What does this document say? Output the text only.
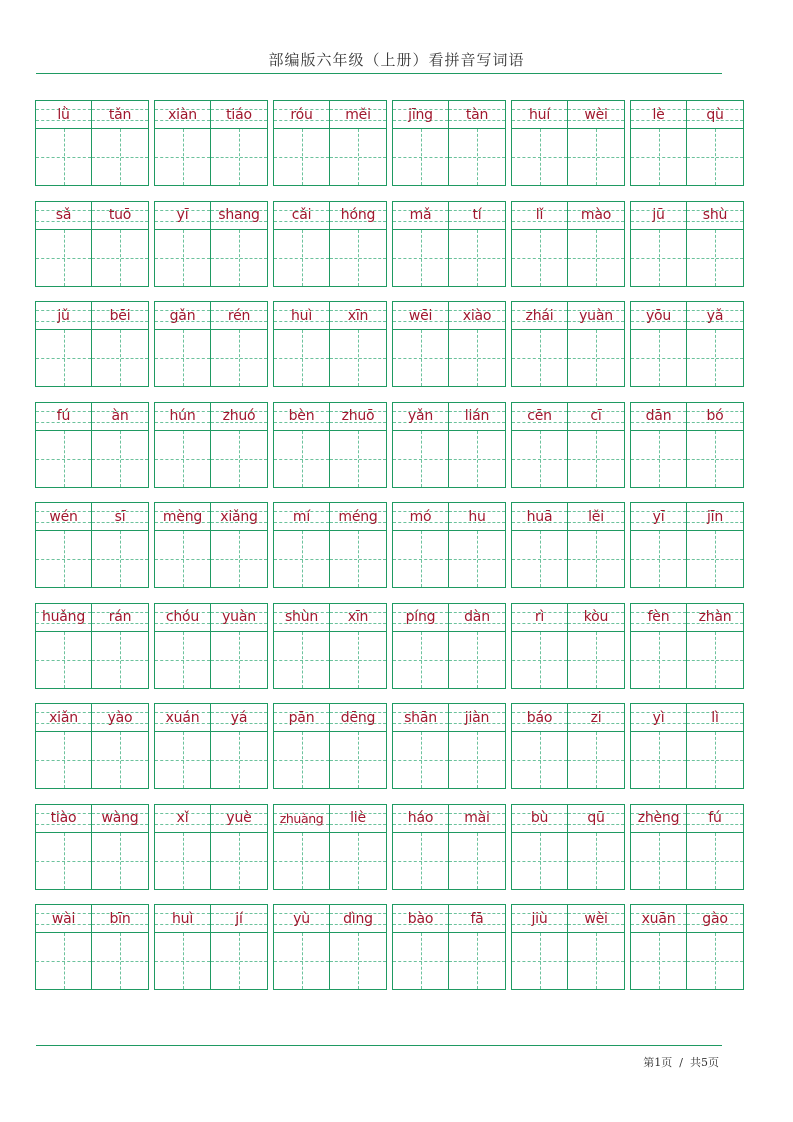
部编版六年级（上册）看拼音写词语
lǜ	tǎn	xiàn tiáo	róu měi	jīng tàn	huí wèi	lè	qù
sǎ	tuō	yī shang cǎi hóng mǎ	tí	lǐ	mào	jū	shù
jǔ	bēi	gǎn rén	huì	xīn	wēi xiào zhái yuàn yōu	yǎ
fú	àn	hún zhuó bèn zhuō yǎn lián	cēn	cī	dān	bó
wén	sī	mèng xiǎng	mí méng mó	hu	huā	lěi	yī	jīn
huǎng rán chóu yuàn shùn xīn	píng dàn	rì	kòu	fèn zhàn
xiǎn yào xuán yá	pān dēng shān jiàn	báo	zi	yì	lì
tiào wàng	xǐ	yuè zhuàng liè	háo mài	bù	qū zhèng fú
wài bīn	huì	jí	yù dìng bào	fā	jiù	wèi xuān gào
第1页  /  共5页
